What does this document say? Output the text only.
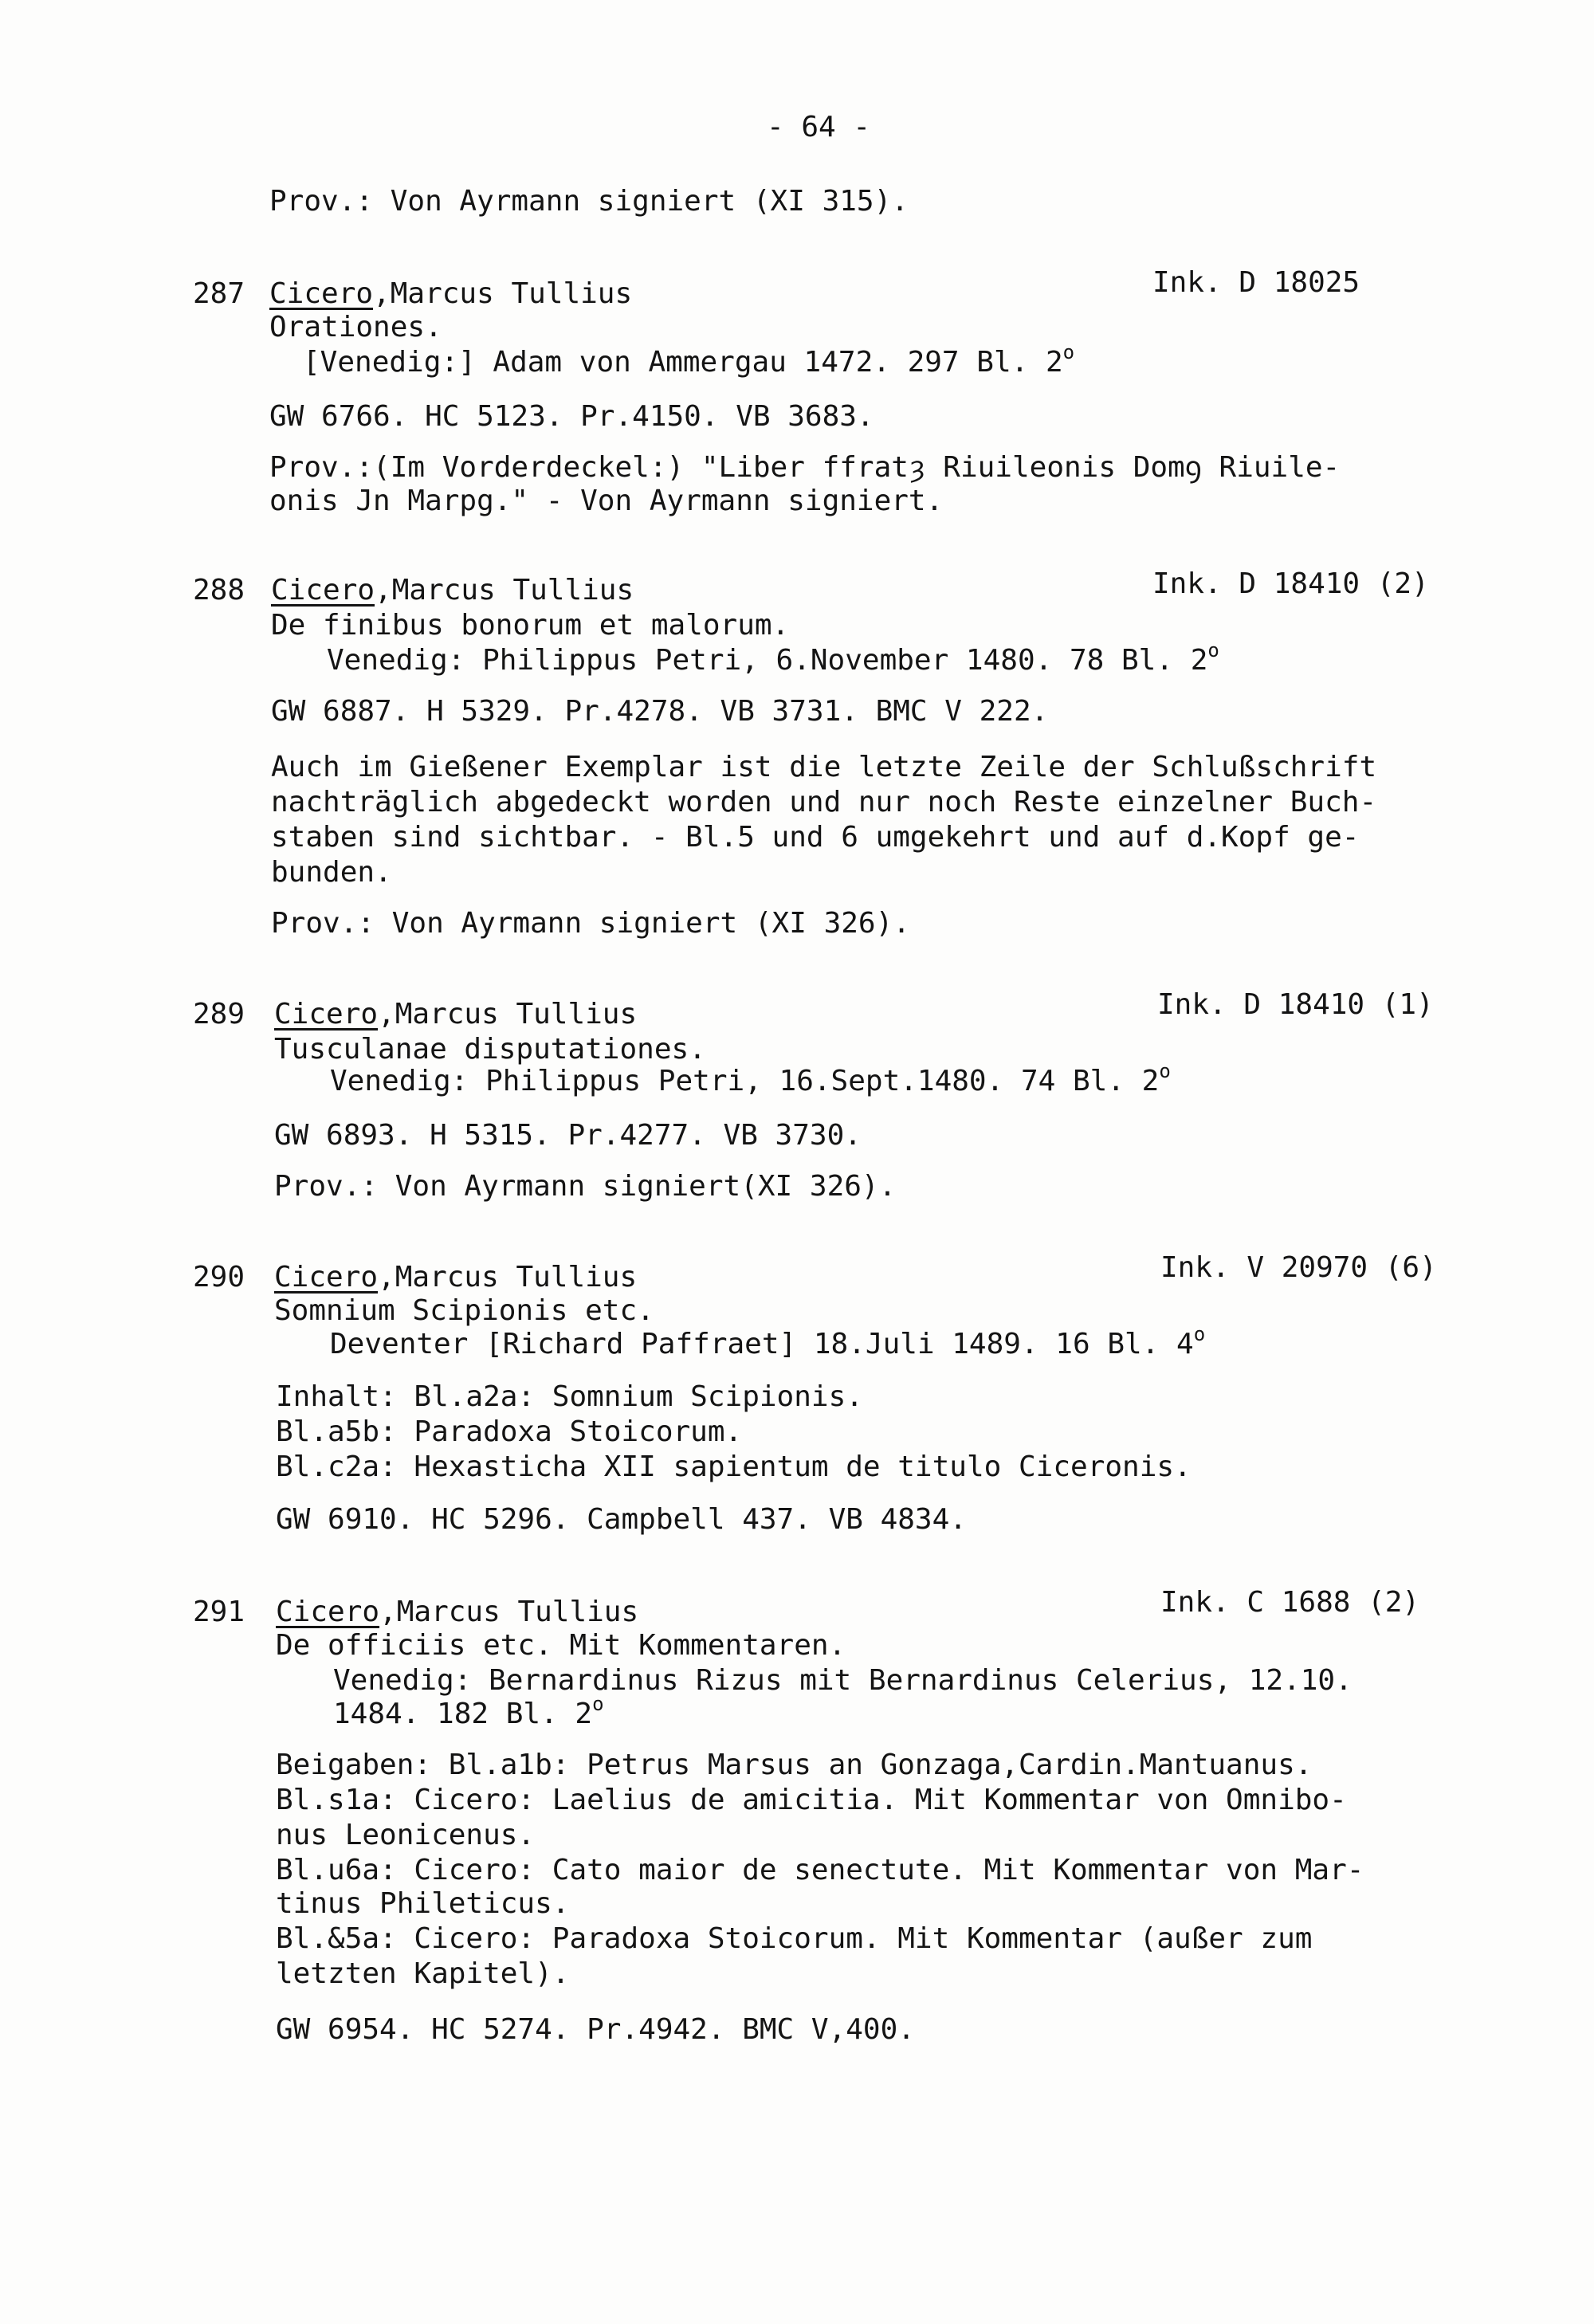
- 64 -
Prov.: Von Ayrmann signiert (XI 315).
287 Cicero,Marcus Tullius	Ink. D 18025
Orationes.
[Venedig:] Adam von Ammergau 1472. 297 Bl. 2$^o$
GW 6766. HC 5123. Pr.4150. VB 3683.
Prov.:(Im Vorderdeckel:) "Liber ffratȝ Riuileonis Domꝯ Riuile-
onis Jn Marpg." - Von Ayrmann signiert.
288 Cicero,Marcus Tullius	Ink. D 18410 (2)
De finibus bonorum et malorum.
Venedig: Philippus Petri, 6.November 1480. 78 Bl. 2$^o$
GW 6887. H 5329. Pr.4278. VB 3731. BMC V 222.
Auch im Gießener Exemplar ist die letzte Zeile der Schlußschrift
nachträglich abgedeckt worden und nur noch Reste einzelner Buch-
staben sind sichtbar. - Bl.5 und 6 umgekehrt und auf d.Kopf ge-
bunden.
Prov.: Von Ayrmann signiert (XI 326).
289 Cicero,Marcus Tullius	Ink. D 18410 (1)
Tusculanae disputationes.
Venedig: Philippus Petri, 16.Sept.1480. 74 Bl. 2$^o$
GW 6893. H 5315. Pr.4277. VB 3730.
Prov.: Von Ayrmann signiert(XI 326).
290 Cicero,Marcus Tullius	Ink. V 20970 (6)
Somnium Scipionis etc.
Deventer [Richard Paffraet] 18.Juli 1489. 16 Bl. 4$^o$
Inhalt: Bl.a2a: Somnium Scipionis.
Bl.a5b: Paradoxa Stoicorum.
Bl.c2a: Hexasticha XII sapientum de titulo Ciceronis.
GW 6910. HC 5296. Campbell 437. VB 4834.
291 Cicero,Marcus Tullius	Ink. C 1688 (2)
De officiis etc. Mit Kommentaren.
Venedig: Bernardinus Rizus mit Bernardinus Celerius, 12.10.
1484. 182 Bl. 2$^o$
Beigaben: Bl.a1b: Petrus Marsus an Gonzaga,Cardin.Mantuanus.
Bl.s1a: Cicero: Laelius de amicitia. Mit Kommentar von Omnibo-
nus Leonicenus.
Bl.u6a: Cicero: Cato maior de senectute. Mit Kommentar von Mar-
tinus Phileticus.
Bl.&5a: Cicero: Paradoxa Stoicorum. Mit Kommentar (außer zum
letzten Kapitel).
GW 6954. HC 5274. Pr.4942. BMC V,400.
